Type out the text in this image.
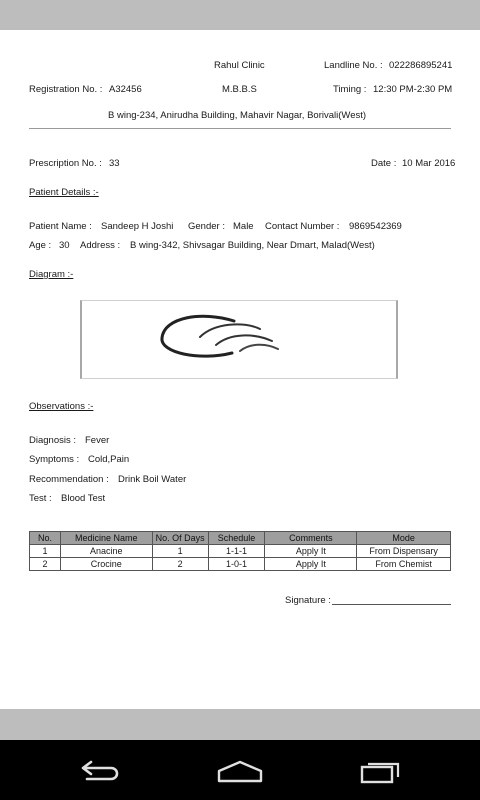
Rahul Clinic	Landline No. : 022286895241
Registration No. : A32456	M.B.B.S	Timing : 12:30 PM-2:30 PM
B wing-234, Anirudha Building, Mahavir Nagar, Borivali(West)
Prescription No. : 33	Date : 10 Mar 2016
Patient Details :-
Patient Name : Sandeep H Joshi Gender : Male Contact Number : 9869542369
Age : 30 Address : B wing-342, Shivsagar Building, Near Dmart, Malad(West)
Diagram :-
Observations :-
Diagnosis : Fever
Symptoms : Cold,Pain
Recommendation : Drink Boil Water
Test : Blood Test
No.	Medicine Name	No. Of Days	Schedule	Comments	Mode
1	Anacine	1	1-1-1	Apply It	From Dispensary
2	Crocine	2	1-0-1	Apply It	From Chemist
Signature :
